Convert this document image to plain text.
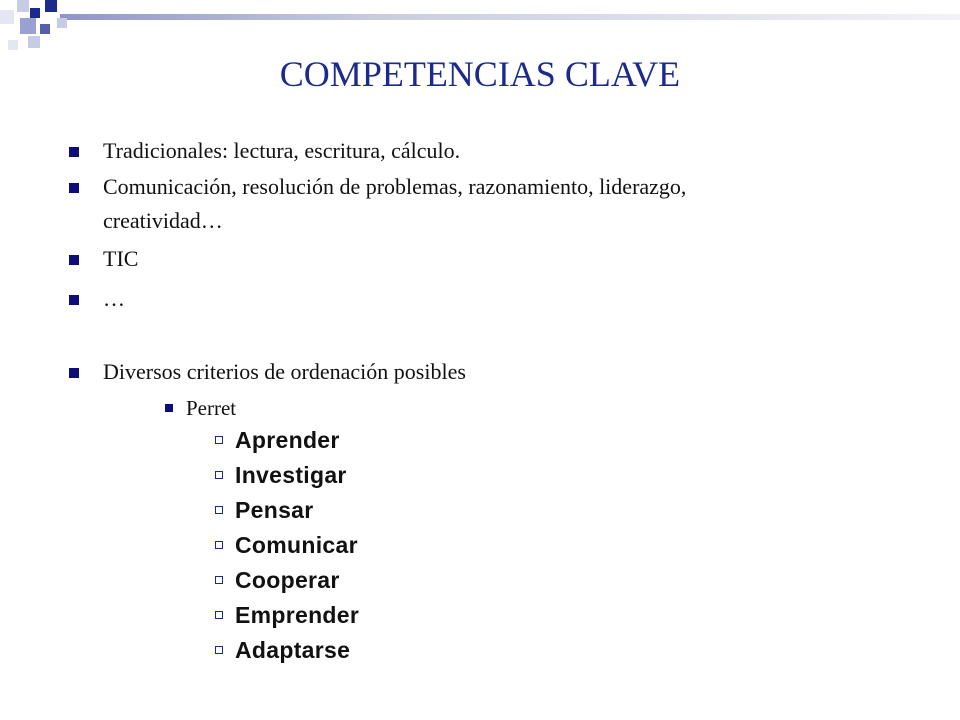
COMPETENCIAS CLAVE
Tradicionales: lectura, escritura, cálculo.
Comunicación, resolución de problemas, razonamiento, liderazgo,
creatividad…
TIC
…
Diversos criterios de ordenación posibles
Perret
Aprender
Investigar
Pensar
Comunicar
Cooperar
Emprender
Adaptarse
